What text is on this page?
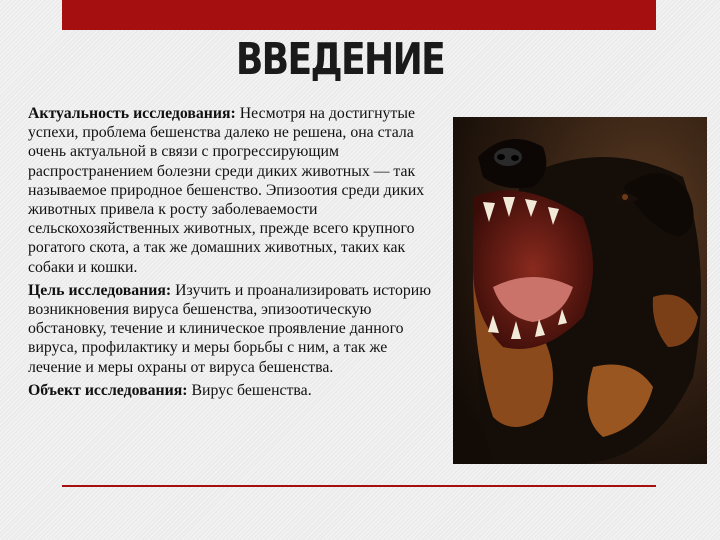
ВВЕДЕНИЕ

Актуальность исследования: Несмотря на достигнутые успехи, проблема бешенства далеко не решена, она стала очень актуальной в связи с прогрессирующим распространением болезни среди диких животных — так называемое природное бешенство. Эпизоотия среди диких животных привела к росту заболеваемости сельскохозяйственных животных, прежде всего крупного рогатого скота, а так же домашних животных, таких как собаки и кошки.

Цель исследования: Изучить и проанализировать историю возникновения вируса бешенства, эпизоотическую обстановку, течение и клиническое проявление данного вируса, профилактику и меры борьбы с ним, а так же лечение и меры охраны от вируса бешенства.

Объект исследования: Вирус бешенства.
